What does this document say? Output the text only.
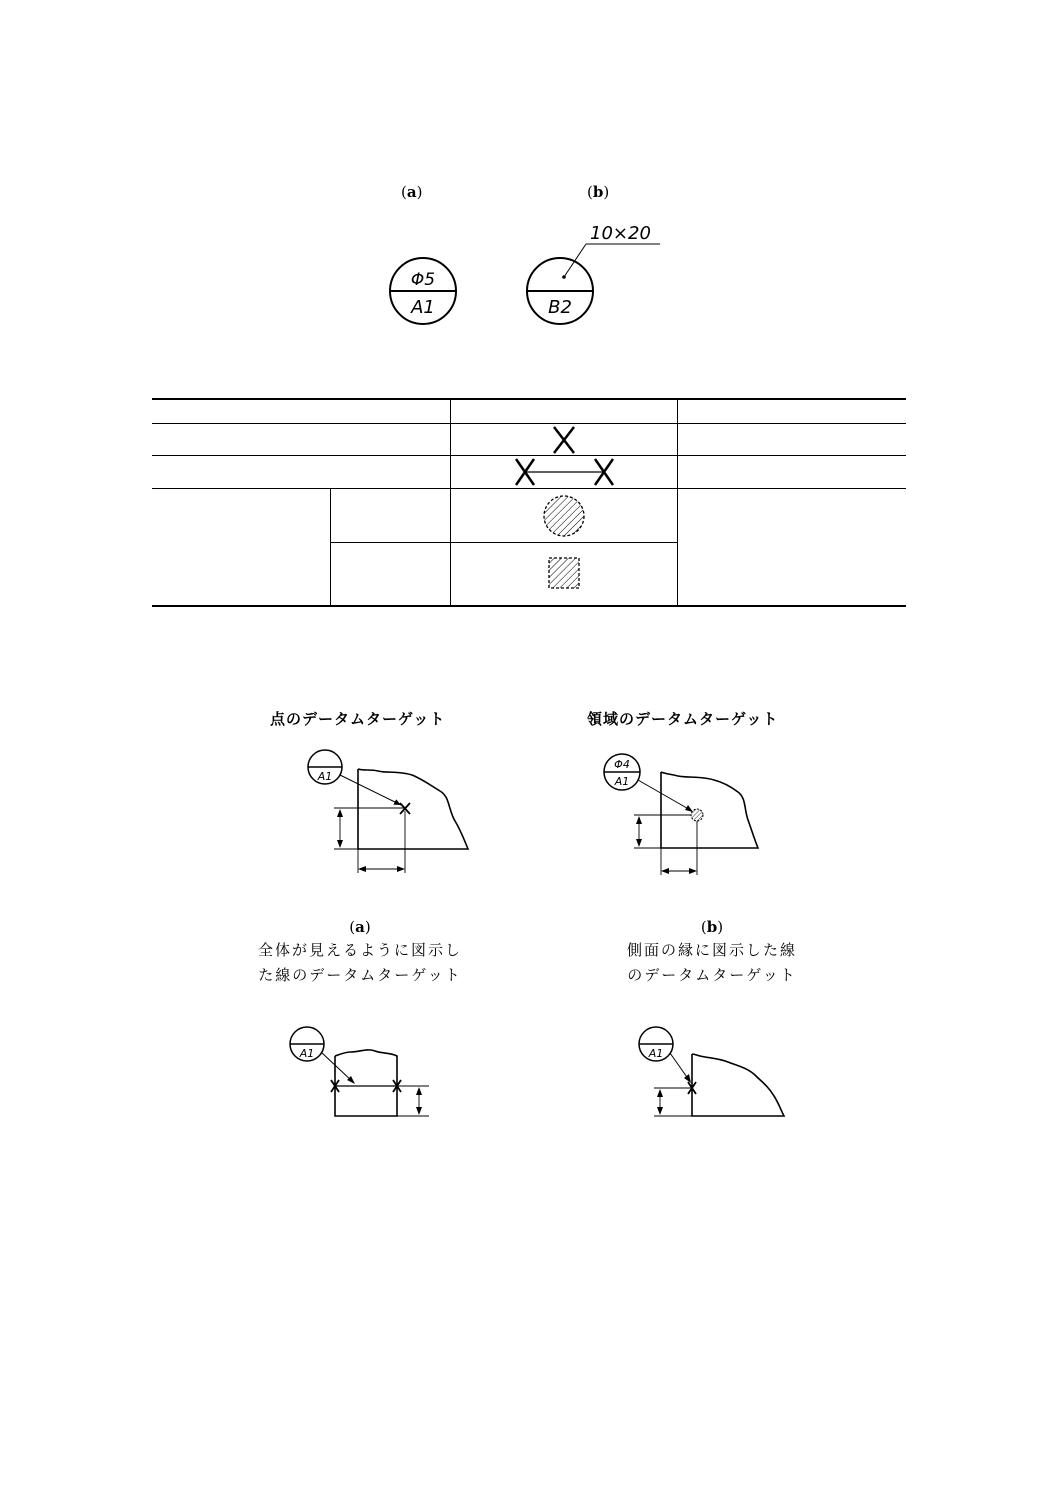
(a)	(b)
Φ5
A1
10×20
B2
点のデータムターゲット	領域のデータムターゲット
A1
Φ4
A1
(a)
全体が見えるように図示し
た線のデータムターゲット
(b)
側面の縁に図示した線
のデータムターゲット
A1	A1
